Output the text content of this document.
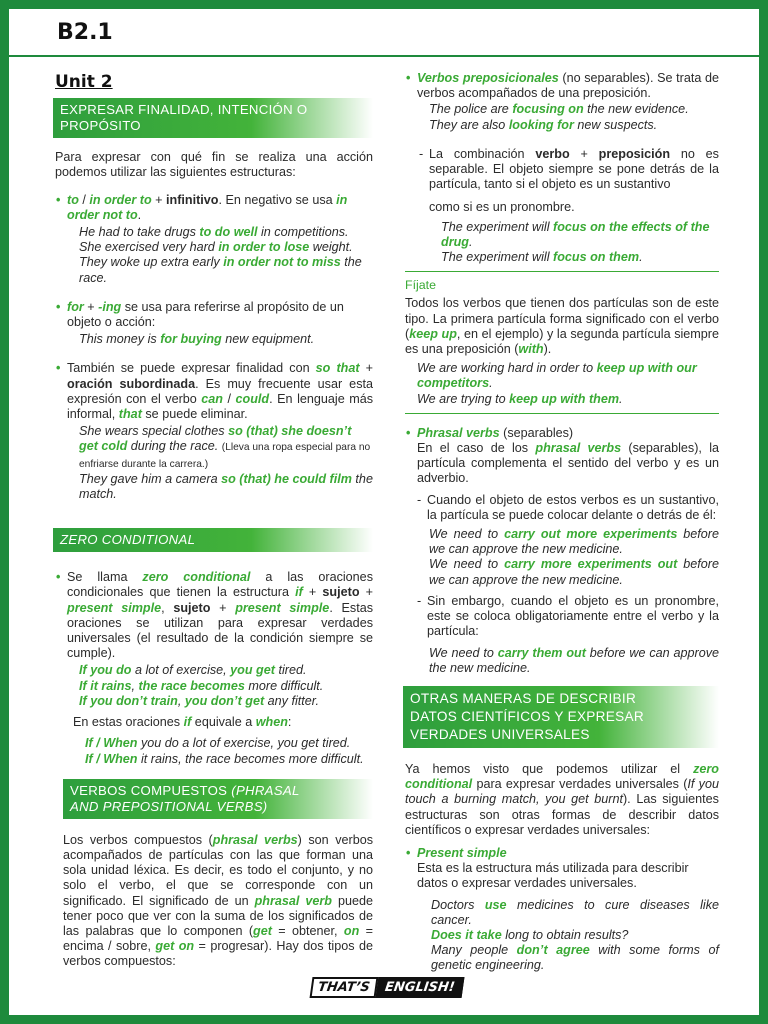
B2.1
Unit 2
EXPRESAR FINALIDAD, INTENCIÓN O
PROPÓSITO

Para expresar con qué fin se realiza una acción podemos utilizar las siguientes estructuras:

• to / in order to + infinitivo. En negativo se usa in order not to.

He had to take drugs to do well in competitions.

She exercised very hard in order to lose weight.

They woke up extra early in order not to miss the race.

• for + -ing se usa para referirse al propósito de un objeto o acción:

This money is for buying new equipment.

• También se puede expresar finalidad con so that + oración subordinada. Es muy frecuente usar esta expresión con el verbo can / could. En lenguaje más informal, that se puede eliminar.

She wears special clothes so (that) she doesn’t get cold during the race. (Lleva una ropa especial para no enfriarse durante la carrera.)

They gave him a camera so (that) he could film the match.

ZERO CONDITIONAL
• Se llama zero conditional a las oraciones condicionales que tienen la estructura if + sujeto + present simple, sujeto + present simple. Estas oraciones se utilizan para expresar verdades universales (el resultado de la condición siempre se cumple).

If you do a lot of exercise, you get tired.

If it rains, the race becomes more difficult.

If you don’t train, you don’t get any fitter.

En estas oraciones if equivale a when:

If / When you do a lot of exercise, you get tired.

If / When it rains, the race becomes more difficult.

VERBOS COMPUESTOS (PHRASAL
AND PREPOSITIONAL VERBS)

Los verbos compuestos (phrasal verbs) son verbos acompañados de partículas con las que forman una sola unidad léxica. Es decir, es todo el conjunto, y no solo el verbo, el que se corresponde con un significado. El significado de un phrasal verb puede tener poco que ver con la suma de los significados de las palabras que lo componen (get = obtener, on = encima / sobre, get on = progresar). Hay dos tipos de verbos compuestos:

• Verbos preposicionales (no separables). Se trata de verbos acompañados de una preposición.

The police are focusing on the new evidence.

They are also looking for new suspects.

- La combinación verbo + preposición no es separable. El objeto siempre se pone detrás de la partícula, tanto si el objeto es un sustantivo

como si es un pronombre.

The experiment will focus on the effects of the drug.

The experiment will focus on them.

Fíjate

Todos los verbos que tienen dos partículas son de este tipo. La primera partícula forma significado con el verbo (keep up, en el ejemplo) y la segunda partícula siempre es una preposición (with).

We are working hard in order to keep up with our competitors.

We are trying to keep up with them.

• Phrasal verbs (separables)

En el caso de los phrasal verbs (separables), la partícula complementa el sentido del verbo y es un adverbio.

- Cuando el objeto de estos verbos es un sustantivo, la partícula se puede colocar delante o detrás de él:

We need to carry out more experiments before we can approve the new medicine.

We need to carry more experiments out before we can approve the new medicine.

- Sin embargo, cuando el objeto es un pronombre, este se coloca obligatoriamente entre el verbo y la partícula:

We need to carry them out before we can approve the new medicine.

OTRAS MANERAS DE DESCRIBIR
DATOS CIENTÍFICOS Y EXPRESAR
VERDADES UNIVERSALES

Ya hemos visto que podemos utilizar el zero conditional para expresar verdades universales (If you touch a burning match, you get burnt). Las siguientes estructuras son otras formas de describir datos científicos o expresar verdades universales:

• Present simple

Esta es la estructura más utilizada para describir datos o expresar verdades universales.

Doctors use medicines to cure diseases like cancer.

Does it take long to obtain results?

Many people don’t agree with some forms of genetic engineering.

THAT’S ENGLISH!
